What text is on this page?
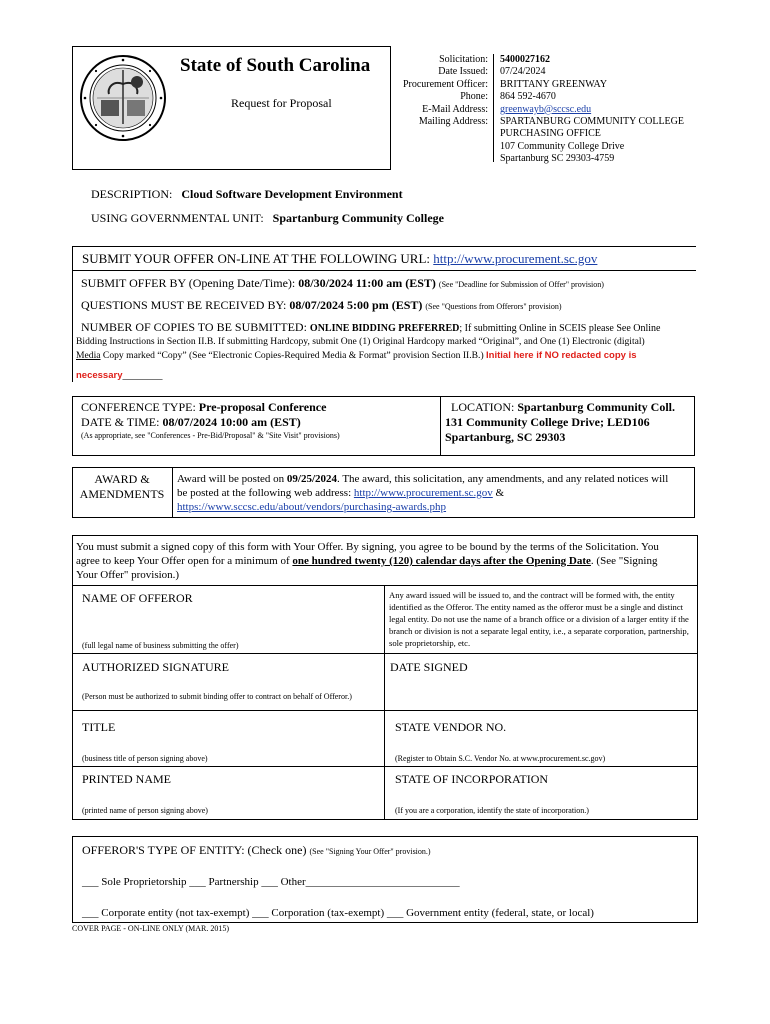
State of South Carolina
Request for Proposal
Solicitation:
Date Issued:
Procurement Officer:
Phone:
E-Mail Address:
Mailing Address:
5400027162
07/24/2024
BRITTANY GREENWAY
864 592-4670
greenwayb@sccsc.edu
SPARTANBURG COMMUNITY COLLEGE
PURCHASING OFFICE
107 Community College Drive
Spartanburg SC 29303-4759
DESCRIPTION: Cloud Software Development Environment
USING GOVERNMENTAL UNIT: Spartanburg Community College
SUBMIT YOUR OFFER ON-LINE AT THE FOLLOWING URL: http://www.procurement.sc.gov
SUBMIT OFFER BY (Opening Date/Time): 08/30/2024 11:00 am (EST) (See "Deadline for Submission of Offer" provision)
QUESTIONS MUST BE RECEIVED BY: 08/07/2024 5:00 pm (EST) (See "Questions from Offerors" provision)
NUMBER OF COPIES TO BE SUBMITTED: ONLINE BIDDING PREFERRED; If submitting Online in SCEIS please See Online
Bidding Instructions in Section II.B. If submitting Hardcopy, submit One (1) Original Hardcopy marked “Original”, and One (1) Electronic (digital)
Media Copy marked “Copy” (See “Electronic Copies-Required Media & Format” provision Section II.B.) Initial here if NO redacted copy is
necessary________
CONFERENCE TYPE: Pre-proposal Conference
DATE & TIME: 08/07/2024 10:00 am (EST)
(As appropriate, see "Conferences - Pre-Bid/Proposal" & "Site Visit" provisions)
LOCATION: Spartanburg Community Coll.
131 Community College Drive; LED106
Spartanburg, SC 29303
AWARD &
AMENDMENTS
Award will be posted on 09/25/2024. The award, this solicitation, any amendments, and any related notices will
be posted at the following web address: http://www.procurement.sc.gov &
https://www.sccsc.edu/about/vendors/purchasing-awards.php
You must submit a signed copy of this form with Your Offer. By signing, you agree to be bound by the terms of the Solicitation. You
agree to keep Your Offer open for a minimum of one hundred twenty (120) calendar days after the Opening Date. (See "Signing
Your Offer" provision.)
NAME OF OFFEROR
(full legal name of business submitting the offer)
Any award issued will be issued to, and the contract will be formed with, the entity identified as the Offeror. The entity named as the offeror must be a single and distinct legal entity. Do not use the name of a branch office or a division of a larger entity if the branch or division is not a separate legal entity, i.e., a separate corporation, partnership, sole proprietorship, etc.
AUTHORIZED SIGNATURE
(Person must be authorized to submit binding offer to contract on behalf of Offeror.)
DATE SIGNED
TITLE
(business title of person signing above)
STATE VENDOR NO.
(Register to Obtain S.C. Vendor No. at www.procurement.sc.gov)
PRINTED NAME
(printed name of person signing above)
STATE OF INCORPORATION
(If you are a corporation, identify the state of incorporation.)
OFFEROR'S TYPE OF ENTITY: (Check one) (See "Signing Your Offer" provision.)
___ Sole Proprietorship ___ Partnership ___ Other____________________________
___ Corporate entity (not tax-exempt) ___ Corporation (tax-exempt) ___ Government entity (federal, state, or local)
COVER PAGE - ON-LINE ONLY (MAR. 2015)
